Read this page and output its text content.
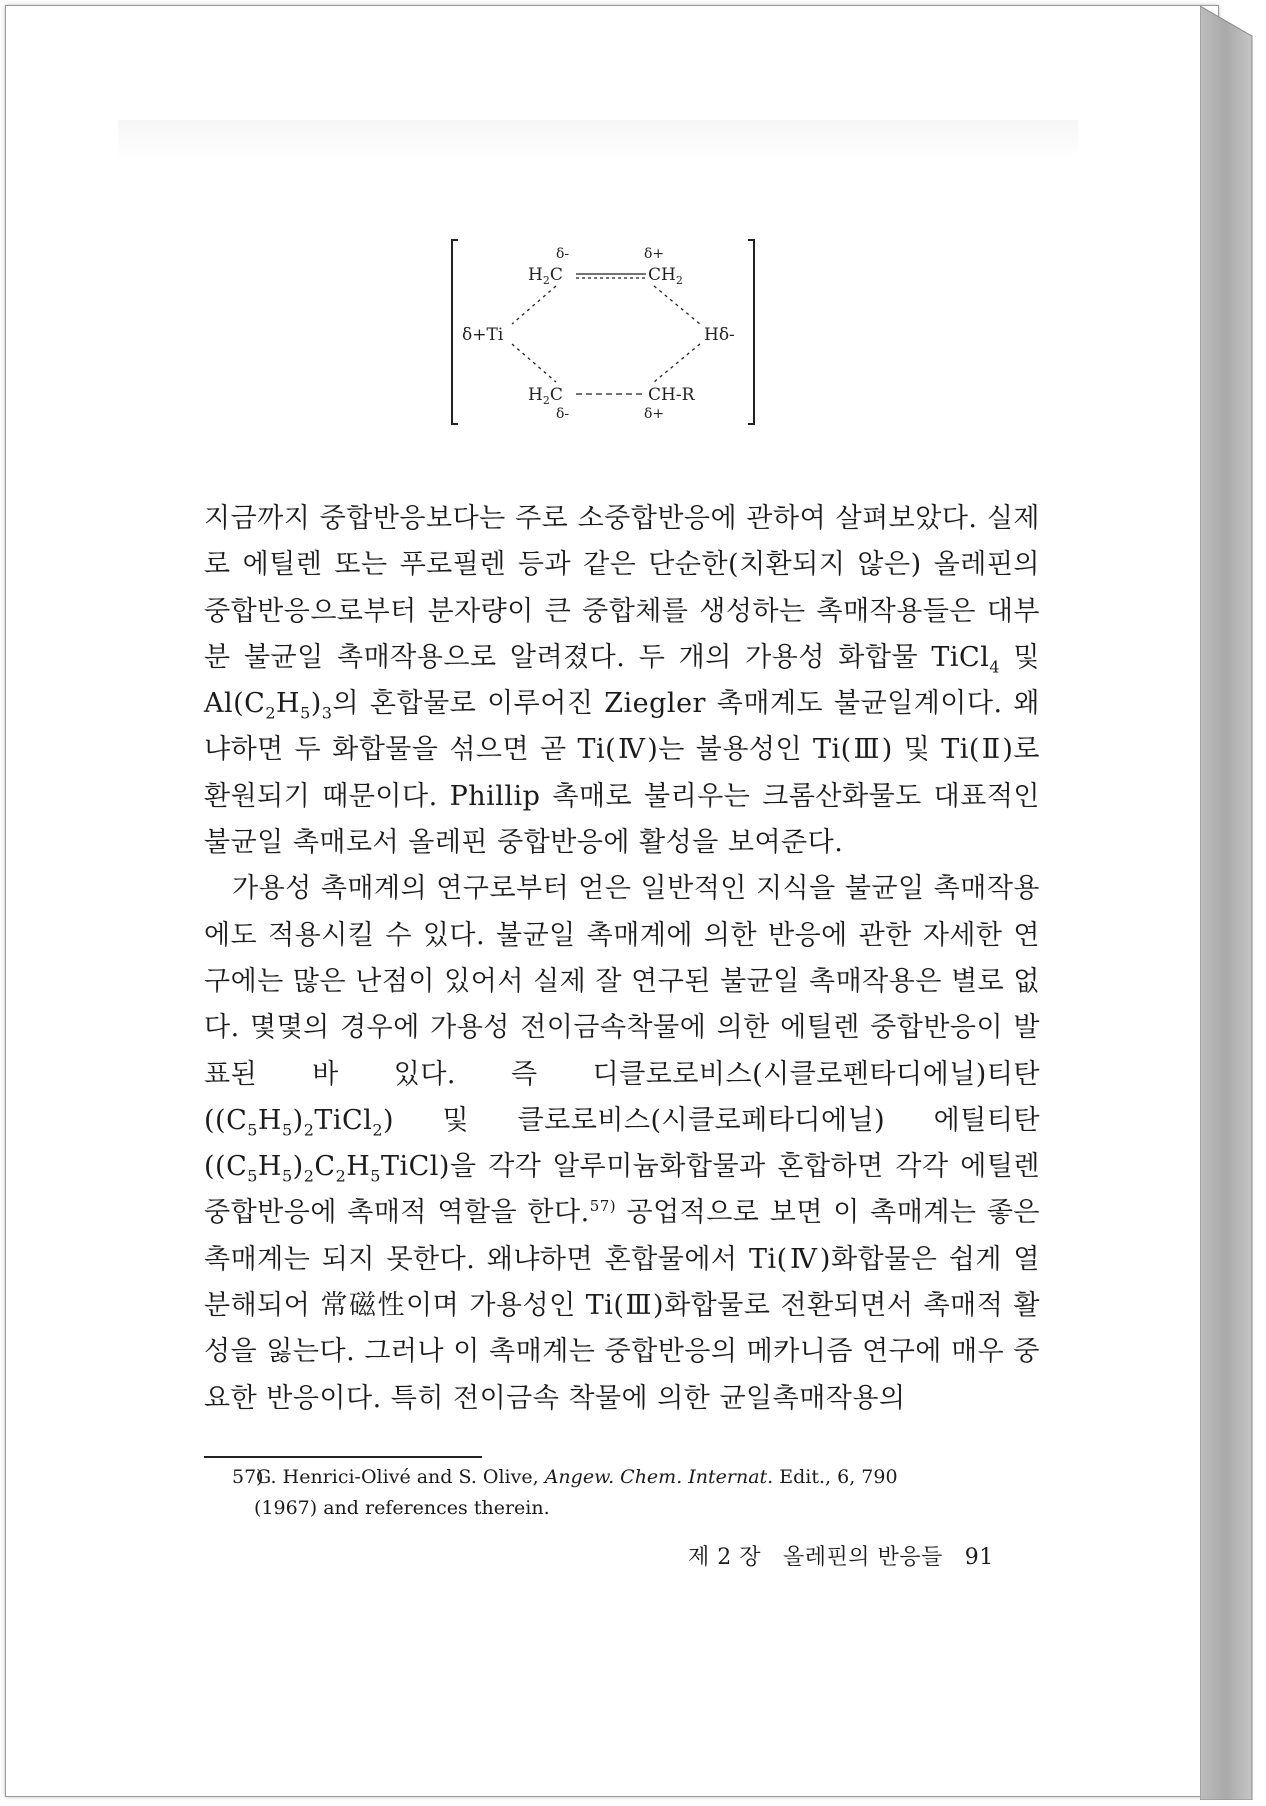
δ-	δ+
$H_2C$	$CH_2$
δ+Ti	Hδ-
$H_2C$	CH-R
δ-	δ+

지금까지 중합반응보다는 주로 소중합반응에 관하여 살펴보았다. 실제로 에틸렌 또는 푸로필렌 등과 같은 단순한(치환되지 않은) 올레핀의 중합반응으로부터 분자량이 큰 중합체를 생성하는 촉매작용들은 대부분 불균일 촉매작용으로 알려졌다. 두 개의 가용성 화합물 TiCl$_4$ 및 $Al(C_2H_5)_3$의 혼합물로 이루어진 Ziegler 촉매계도 불균일계이다. 왜냐하면 두 화합물을 섞으면 곧 Ti(Ⅳ)는 불용성인 Ti(Ⅲ) 및 Ti(Ⅱ)로 환원되기 때문이다. Phillip 촉매로 불리우는 크롬산화물도 대표적인 불균일 촉매로서 올레핀 중합반응에 활성을 보여준다.

가용성 촉매계의 연구로부터 얻은 일반적인 지식을 불균일 촉매작용에도 적용시킬 수 있다. 불균일 촉매계에 의한 반응에 관한 자세한 연구에는 많은 난점이 있어서 실제 잘 연구된 불균일 촉매작용은 별로 없다. 몇몇의 경우에 가용성 전이금속착물에 의한 에틸렌 중합반응이 발표된 바 있다. 즉 디클로로비스(시클로펜타디에닐)티탄$((C_5H_5)_2TiCl_2)$ 및 클로로비스(시클로페타디에닐) 에틸티탄$((C_5H_5)_2C_2H_5TiCl)$을 각각 알루미늄화합물과 혼합하면 각각 에틸렌 중합반응에 촉매적 역할을 한다.$^{57)}$ 공업적으로 보면 이 촉매계는 좋은 촉매계는 되지 못한다. 왜냐하면 혼합물에서 Ti(Ⅳ)화합물은 쉽게 열분해되어 常磁性이며 가용성인 Ti(Ⅲ)화합물로 전환되면서 촉매적 활성을 잃는다. 그러나 이 촉매계는 중합반응의 메카니즘 연구에 매우 중요한 반응이다. 특히 전이금속 착물에 의한 균일촉매작용의

57) G. Henrici-Olivé and S. Olive, Angew. Chem. Internat. Edit., 6, 790
(1967) and references therein.
제 2 장 올레핀의 반응들 91
